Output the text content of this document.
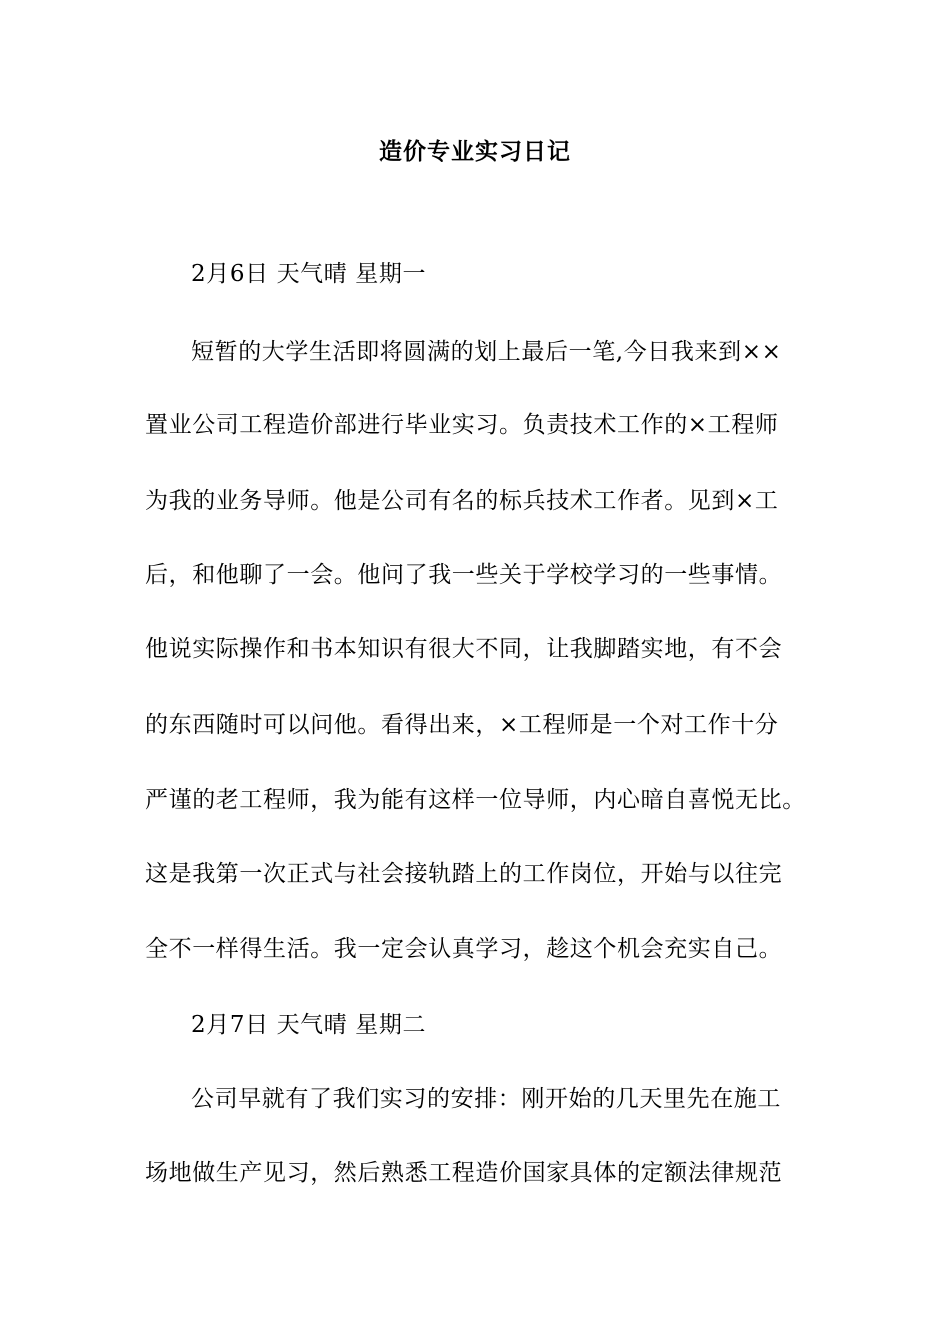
造价专业实习日记
2月6日 天气晴 星期一
短暂的大学生活即将圆满的划上最后一笔,今日我来到××
置业公司工程造价部进行毕业实习。负责技术工作的×工程师
为我的业务导师。他是公司有名的标兵技术工作者。见到×工
后，和他聊了一会。他问了我一些关于学校学习的一些事情。
他说实际操作和书本知识有很大不同，让我脚踏实地，有不会
的东西随时可以问他。看得出来，×工程师是一个对工作十分
严谨的老工程师，我为能有这样一位导师，内心暗自喜悦无比。
这是我第一次正式与社会接轨踏上的工作岗位，开始与以往完
全不一样得生活。我一定会认真学习，趁这个机会充实自己。
2月7日 天气晴 星期二
公司早就有了我们实习的安排：刚开始的几天里先在施工
场地做生产见习，然后熟悉工程造价国家具体的定额法律规范
